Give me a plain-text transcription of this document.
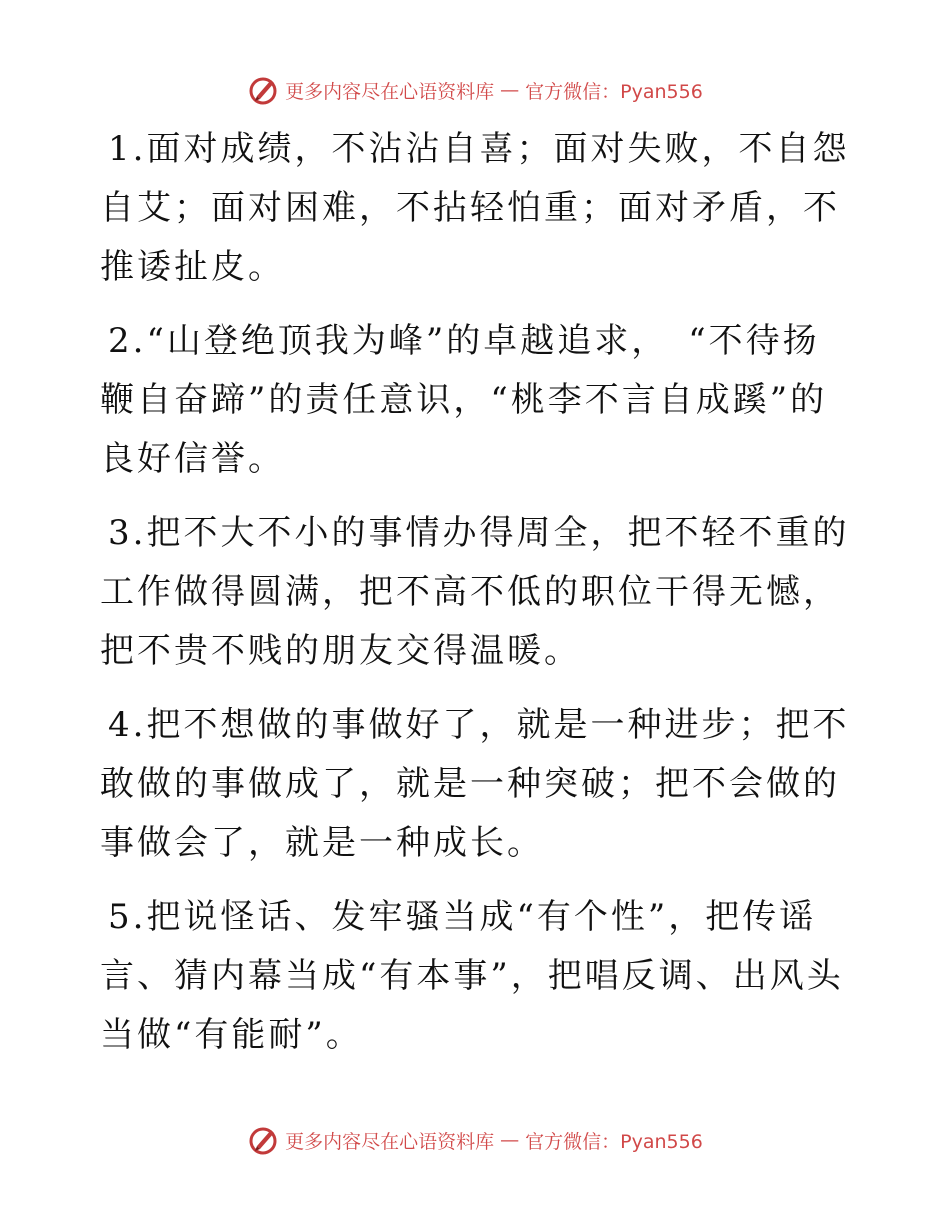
更多内容尽在心语资料库 — 官方微信：Pyan556

1.面对成绩，不沾沾自喜；面对失败，不自怨自艾；面对困难，不拈轻怕重；面对矛盾，不推诿扯皮。

2.“山登绝顶我为峰”的卓越追求，　“不待扬鞭自奋蹄”的责任意识，“桃李不言自成蹊”的良好信誉。

3.把不大不小的事情办得周全，把不轻不重的工作做得圆满，把不高不低的职位干得无憾，把不贵不贱的朋友交得温暖。

4.把不想做的事做好了，就是一种进步；把不敢做的事做成了，就是一种突破；把不会做的事做会了，就是一种成长。

5.把说怪话、发牢骚当成“有个性”，把传谣言、猜内幕当成“有本事”，把唱反调、出风头当做“有能耐”。

更多内容尽在心语资料库 — 官方微信：Pyan556
